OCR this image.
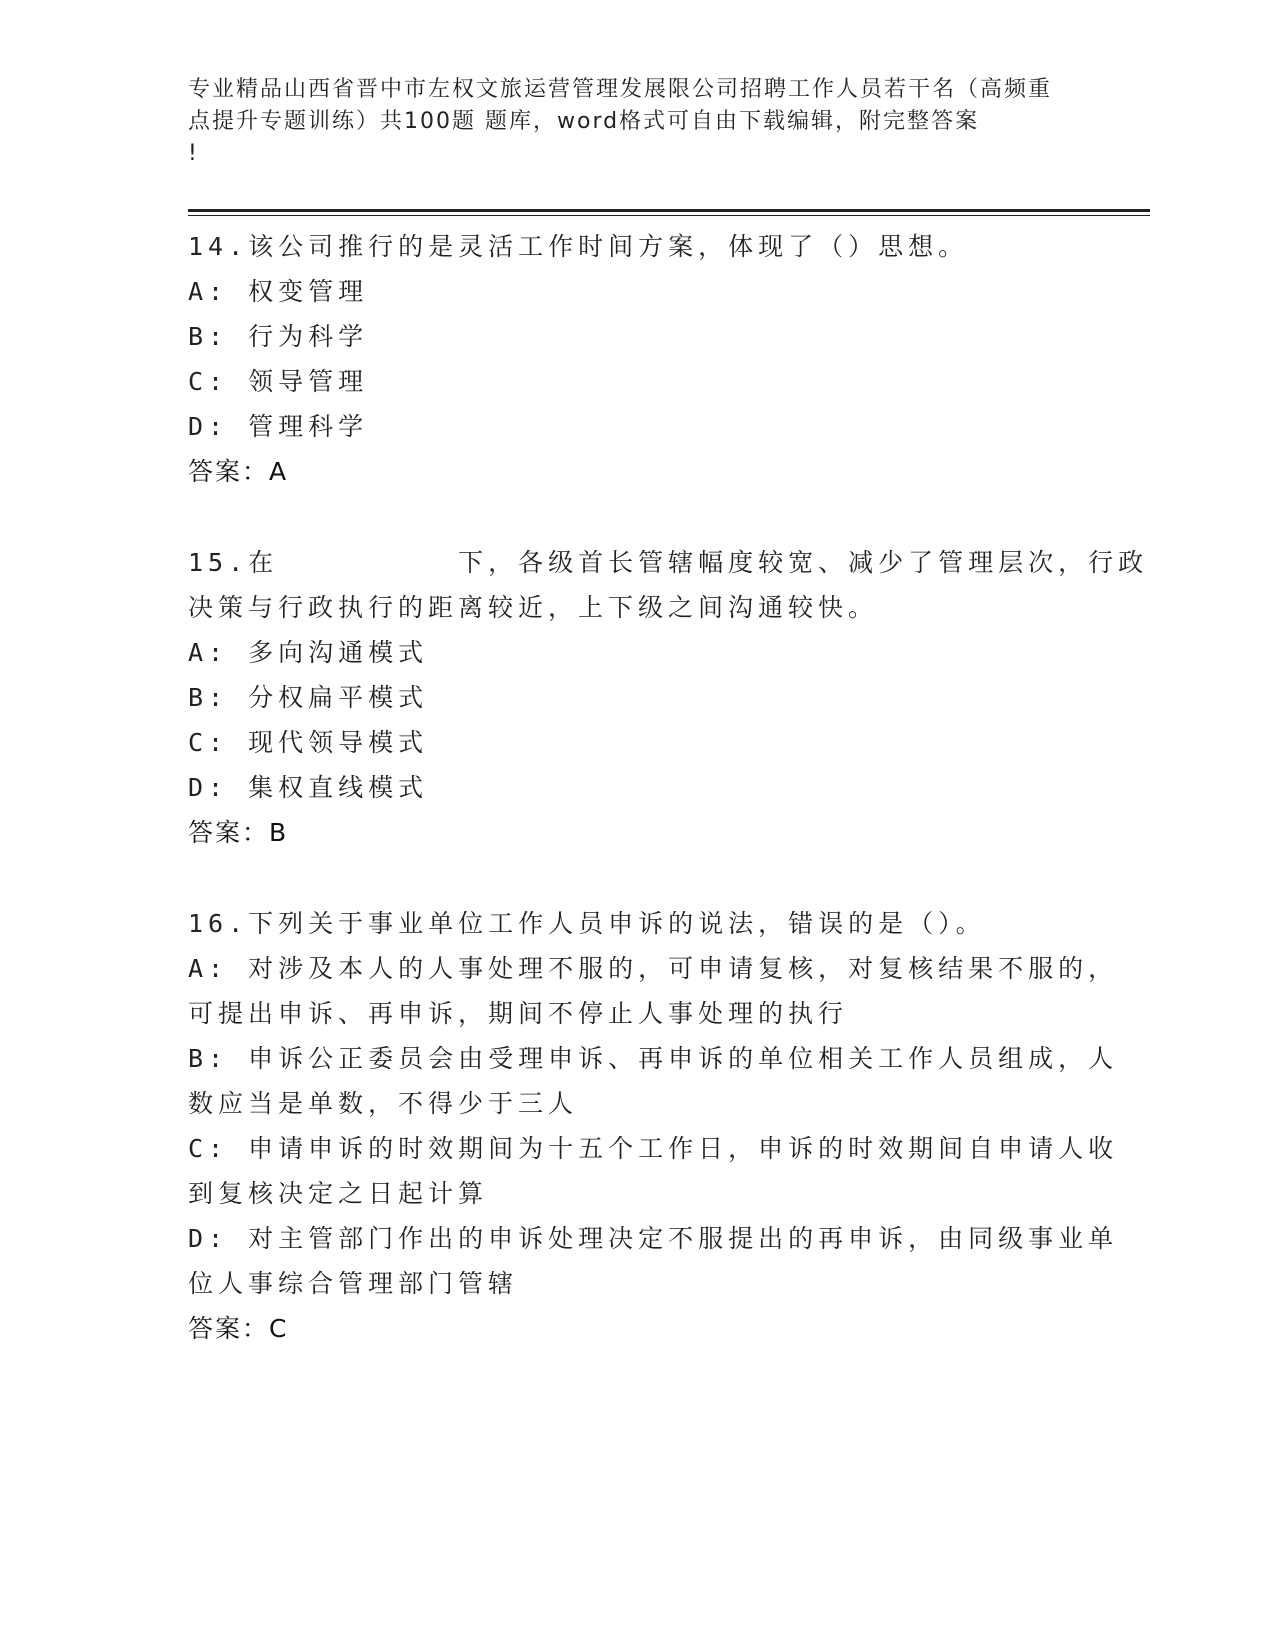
专业精品山西省晋中市左权文旅运营管理发展限公司招聘工作人员若干名（高频重
点提升专题训练）共100题 题库，word格式可自由下载编辑，附完整答案
!
14.该公司推行的是灵活工作时间方案，体现了（）思想。
A: 权变管理
B: 行为科学
C: 领导管理
D: 管理科学
答案：A
15.在　　　　　　下，各级首长管辖幅度较宽、减少了管理层次，行政
决策与行政执行的距离较近，上下级之间沟通较快。
A: 多向沟通模式
B: 分权扁平模式
C: 现代领导模式
D: 集权直线模式
答案：B
16.下列关于事业单位工作人员申诉的说法，错误的是（）。
A: 对涉及本人的人事处理不服的，可申请复核，对复核结果不服的，
可提出申诉、再申诉，期间不停止人事处理的执行
B: 申诉公正委员会由受理申诉、再申诉的单位相关工作人员组成，人
数应当是单数，不得少于三人
C: 申请申诉的时效期间为十五个工作日，申诉的时效期间自申请人收
到复核决定之日起计算
D: 对主管部门作出的申诉处理决定不服提出的再申诉，由同级事业单
位人事综合管理部门管辖
答案：C
